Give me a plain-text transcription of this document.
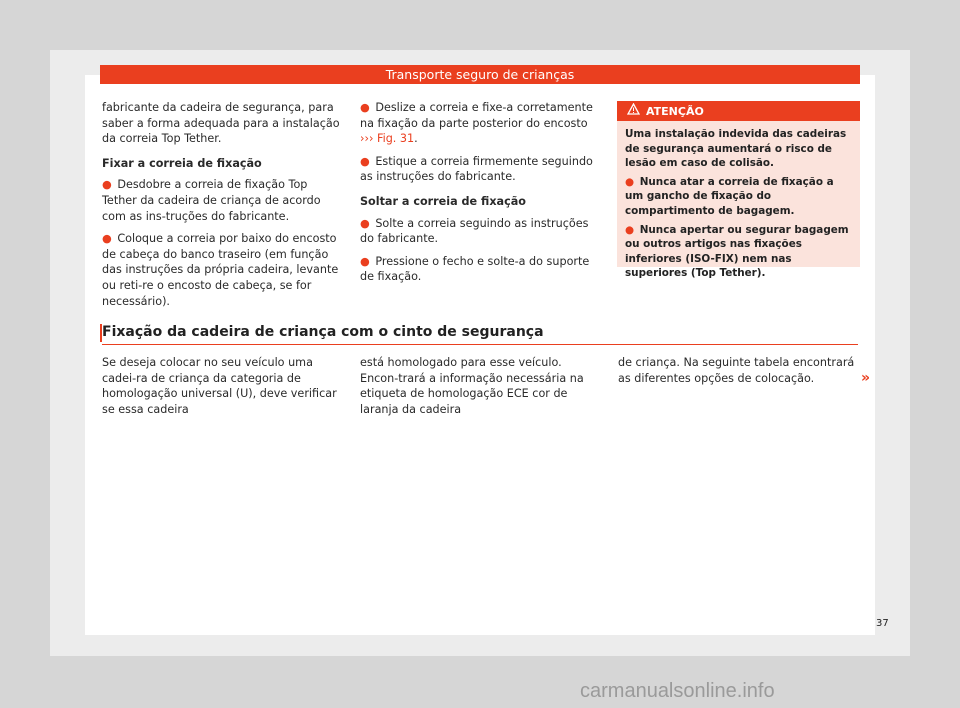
Transporte seguro de crianças

fabricante da cadeira de segurança, para saber a forma adequada para a instalação da correia Top Tether.

Fixar a correia de fixação

● Desdobre a correia de fixação Top Tether da cadeira de criança de acordo com as ins-truções do fabricante.

● Coloque a correia por baixo do encosto de cabeça do banco traseiro (em função das instruções da própria cadeira, levante ou reti-re o encosto de cabeça, se for necessário).

● Deslize a correia e fixe-a corretamente na fixação da parte posterior do encosto ››› Fig. 31.

● Estique a correia firmemente seguindo as instruções do fabricante.

Soltar a correia de fixação

● Solte a correia seguindo as instruções do fabricante.

● Pressione o fecho e solte-a do suporte de fixação.

ATENÇÃO

Uma instalação indevida das cadeiras de segurança aumentará o risco de lesão em caso de colisão.

● Nunca atar a correia de fixação a um gancho de fixação do compartimento de bagagem.

● Nunca apertar ou segurar bagagem ou outros artigos nas fixações inferiores (ISO-FIX) nem nas superiores (Top Tether).

Fixação da cadeira de criança com o cinto de segurança

Se deseja colocar no seu veículo uma cadei-ra de criança da categoria de homologação universal (U), deve verificar se essa cadeira

está homologado para esse veículo. Encon-trará a informação necessária na etiqueta de homologação ECE cor de laranja da cadeira

de criança. Na seguinte tabela encontrará as diferentes opções de colocação.	»
37
carmanualsonline.info
